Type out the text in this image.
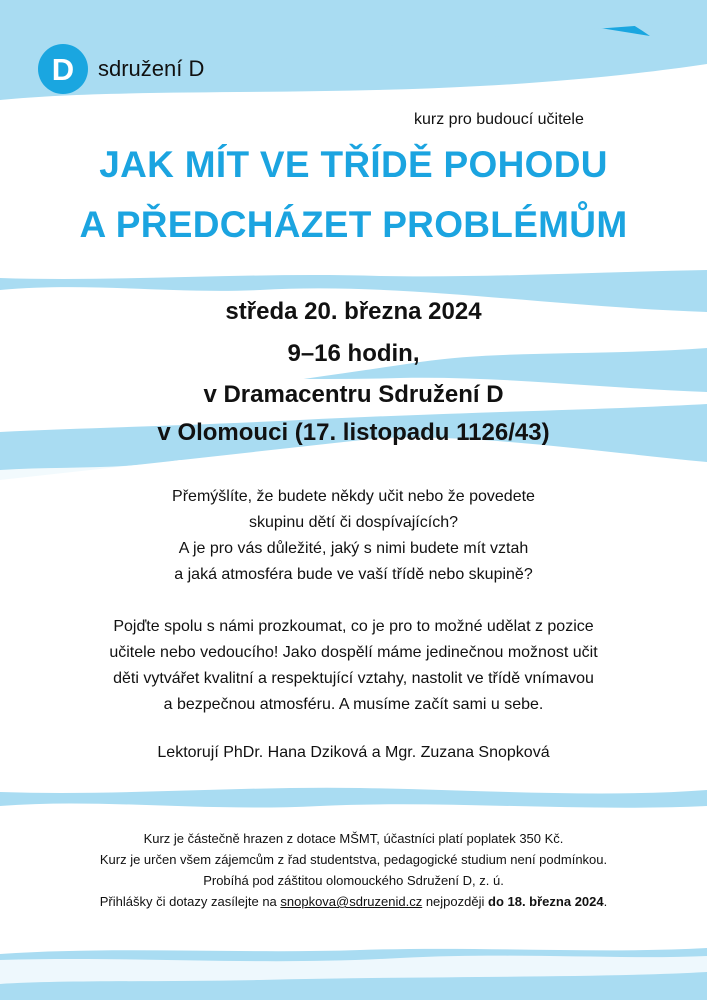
D	sdružení D
kurz pro budoucí učitele
JAK MÍT VE TŘÍDĚ POHODU
A PŘEDCHÁZET PROBLÉMŮM
středa 20. března 2024
9–16 hodin,
v Dramacentru Sdružení D
v Olomouci (17. listopadu 1126/43)
Přemýšlíte, že budete někdy učit nebo že povedete
skupinu dětí či dospívajících?
A je pro vás důležité, jaký s nimi budete mít vztah
a jaká atmosféra bude ve vaší třídě nebo skupině?
Pojďte spolu s námi prozkoumat, co je pro to možné udělat z pozice
učitele nebo vedoucího! Jako dospělí máme jedinečnou možnost učit
děti vytvářet kvalitní a respektující vztahy, nastolit ve třídě vnímavou
a bezpečnou atmosféru. A musíme začít sami u sebe.
Lektorují PhDr. Hana Dziková a Mgr. Zuzana Snopková
Kurz je částečně hrazen z dotace MŠMT, účastníci platí poplatek 350 Kč.
Kurz je určen všem zájemcům z řad studentstva, pedagogické studium není podmínkou.
Probíhá pod záštitou olomouckého Sdružení D, z. ú.
Přihlášky či dotazy zasílejte na snopkova@sdruzenid.cz nejpozději do 18. března 2024.
